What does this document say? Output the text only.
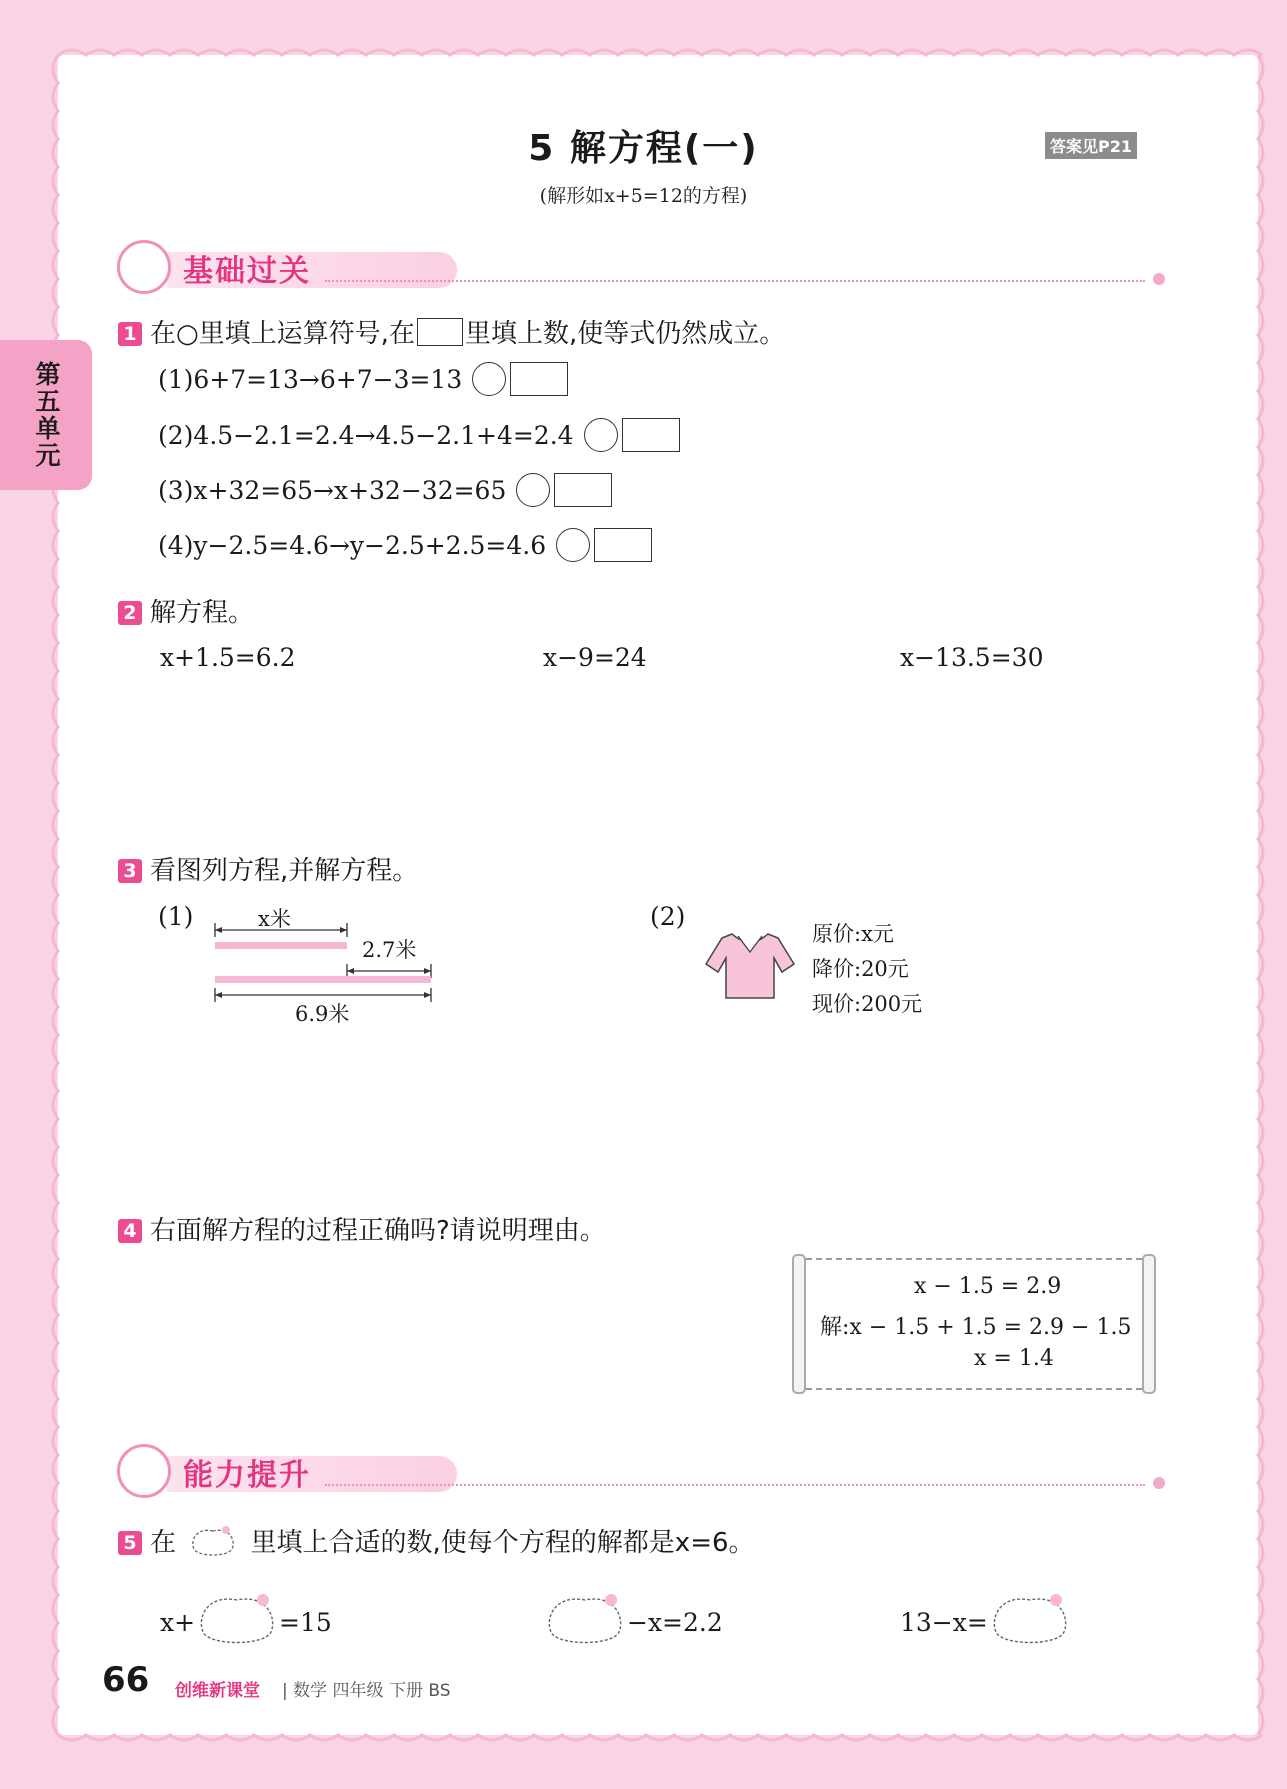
第五单元
5 解方程(一)
(解形如x+5=12的方程)
答案见P21
基础过关
1 在○里填上运算符号,在 里填上数,使等式仍然成立。
(1)6+7=13→6+7−3=13
(2)4.5−2.1=2.4→4.5−2.1+4=2.4
(3)x+32=65→x+32−32=65
(4)y−2.5=4.6→y−2.5+2.5=4.6
2 解方程。
x+1.5=6.2	x−9=24	x−13.5=30
3 看图列方程,并解方程。
(1)	x米
2.7米
6.9米
(2)
原价:x元
降价:20元
现价:200元
4 右面解方程的过程正确吗?请说明理由。
x − 1.5 = 2.9
解:x − 1.5 + 1.5 = 2.9 − 1.5
x = 1.4
能力提升
5 在	里填上合适的数,使每个方程的解都是x=6。
x+	=15	−x=2.2	13−x=
66 创维新课堂 | 数学 四年级 下册 BS
